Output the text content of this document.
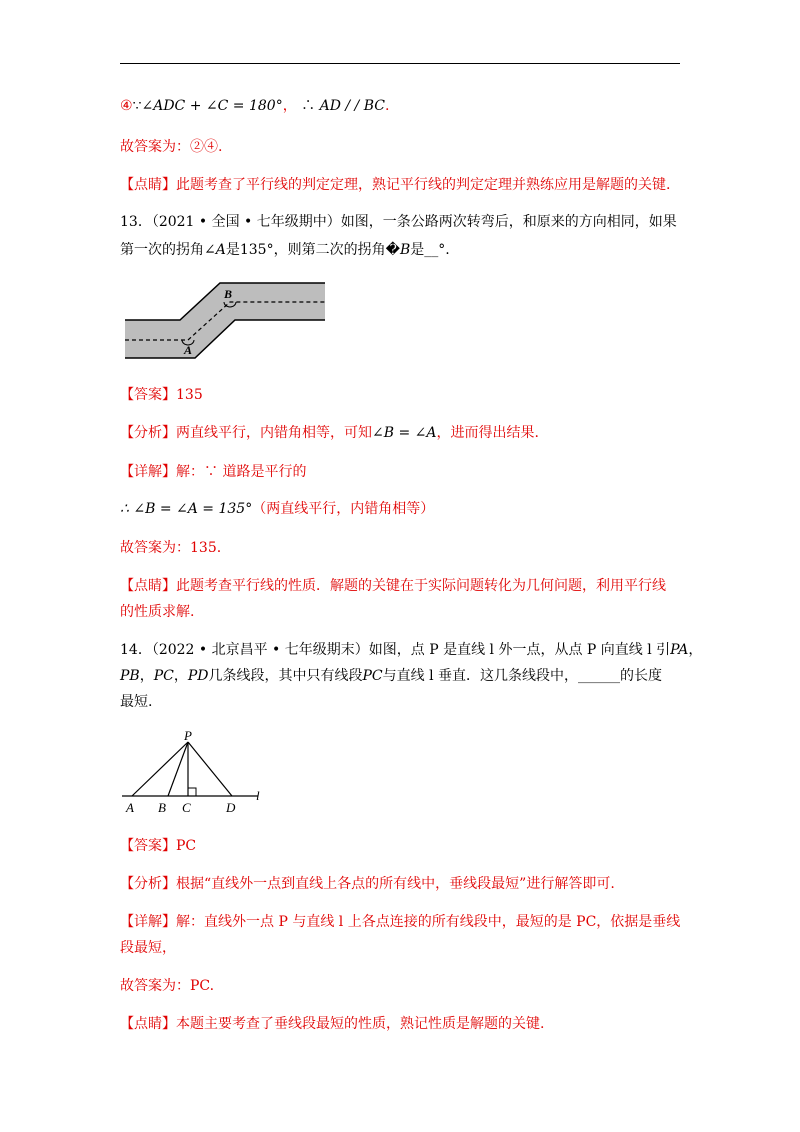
④∵∠ADC + ∠C = 180°， ∴ AD / / BC.
故答案为：②④.
【点睛】此题考查了平行线的判定定理，熟记平行线的判定定理并熟练应用是解题的关键.
13．（2021 • 全国 • 七年级期中）如图，一条公路两次转弯后，和原来的方向相同，如果
第一次的拐角∠A是135°，则第二次的拐角�B是__°.
A
B
【答案】135
【分析】两直线平行，内错角相等，可知∠B = ∠A，进而得出结果.
【详解】解：∵ 道路是平行的
∴ ∠B = ∠A = 135°（两直线平行，内错角相等）
故答案为：135.
【点睛】此题考查平行线的性质．解题的关键在于实际问题转化为几何问题，利用平行线
的性质求解.
14．（2022 • 北京昌平 • 七年级期末）如图，点 P 是直线 l 外一点，从点 P 向直线 l 引PA，
PB，PC，PD几条线段，其中只有线段PC与直线 l 垂直．这几条线段中，______的长度
最短.
P
A B C	D
l
【答案】PC
【分析】根据“直线外一点到直线上各点的所有线中，垂线段最短”进行解答即可.
【详解】解：直线外一点 P 与直线 l 上各点连接的所有线段中，最短的是 PC，依据是垂线
段最短，
故答案为：PC.
【点睛】本题主要考查了垂线段最短的性质，熟记性质是解题的关键.
